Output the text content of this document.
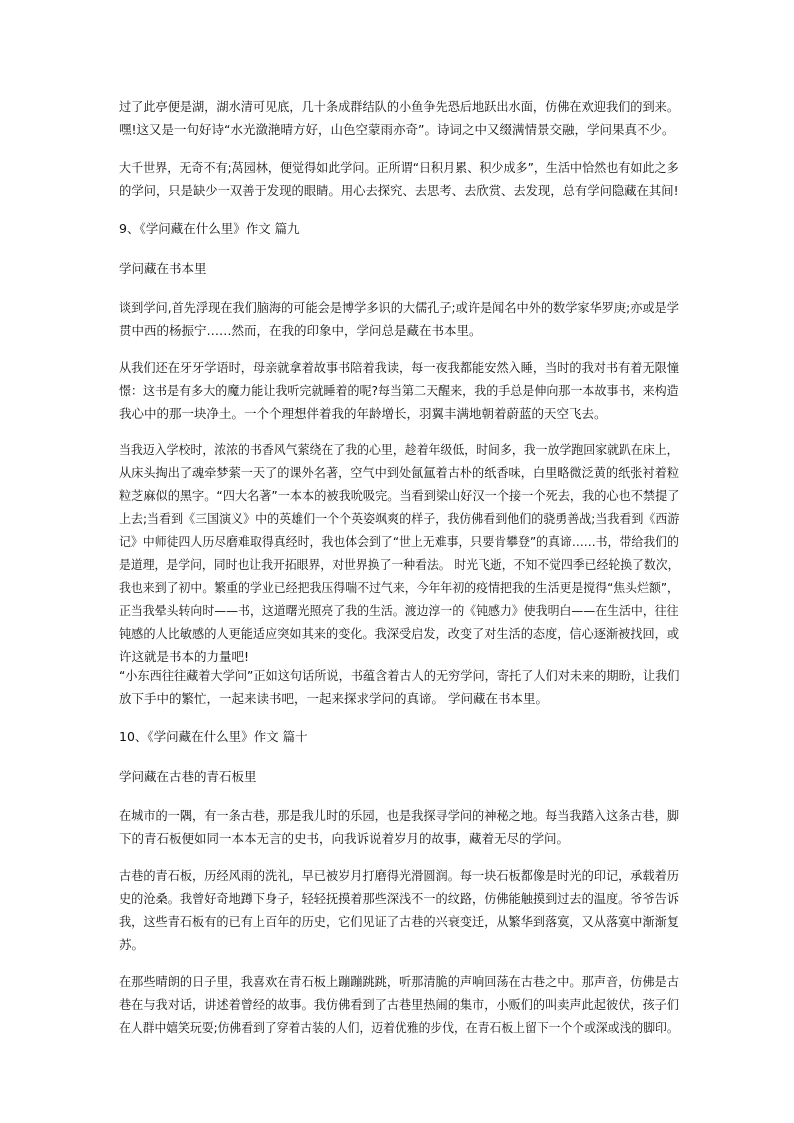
过了此亭便是湖，湖水清可见底，几十条成群结队的小鱼争先恐后地跃出水面，仿佛在欢迎我们的到来。
嘿!这又是一句好诗“水光潋滟晴方好，山色空蒙雨亦奇”。诗词之中又缀满情景交融，学问果真不少。
大千世界，无奇不有;莴园林，便觉得如此学问。正所谓“日积月累、积少成多”，生活中恰然也有如此之多
的学问，只是缺少一双善于发现的眼睛。用心去探究、去思考、去欣赏、去发现，总有学问隐藏在其间!
9、《学问藏在什么里》作文 篇九
学问藏在书本里
谈到学问,首先浮现在我们脑海的可能会是博学多识的大儒孔子;或许是闻名中外的数学家华罗庚;亦或是学
贯中西的杨振宁……然而，在我的印象中，学问总是藏在书本里。
从我们还在牙牙学语时，母亲就拿着故事书陪着我读，每一夜我都能安然入睡，当时的我对书有着无限憧
憬：这书是有多大的魔力能让我听完就睡着的呢?每当第二天醒来，我的手总是伸向那一本故事书，来构造
我心中的那一块净土。一个个理想伴着我的年龄增长，羽翼丰满地朝着蔚蓝的天空飞去。
当我迈入学校时，浓浓的书香风气萦绕在了我的心里，趁着年级低，时间多，我一放学跑回家就趴在床上，
从床头掏出了魂牵梦萦一天了的课外名著，空气中到处氤氲着古朴的纸香味，白里略微泛黄的纸张衬着粒
粒芝麻似的黑字。“四大名著”一本本的被我吮吸完。当看到梁山好汉一个接一个死去，我的心也不禁提了
上去;当看到《三国演义》中的英雄们一个个英姿飒爽的样子，我仿佛看到他们的骁勇善战;当我看到《西游
记》中师徒四人历尽磨难取得真经时，我也体会到了“世上无难事，只要肯攀登”的真谛……书，带给我们的
是道理，是学问，同时也让我开拓眼界，对世界换了一种看法。 时光飞逝，不知不觉四季已经轮换了数次，
我也来到了初中。繁重的学业已经把我压得喘不过气来，今年年初的疫情把我的生活更是搅得“焦头烂额”，
正当我晕头转向时——书，这道曙光照亮了我的生活。渡边淳一的《钝感力》使我明白——在生活中，往往
钝感的人比敏感的人更能适应突如其来的变化。我深受启发，改变了对生活的态度，信心逐渐被找回，或
许这就是书本的力量吧!
“小东西往往藏着大学问”正如这句话所说，书蕴含着古人的无穷学问，寄托了人们对未来的期盼，让我们
放下手中的繁忙，一起来读书吧，一起来探求学问的真谛。 学问藏在书本里。
10、《学问藏在什么里》作文 篇十
学问藏在古巷的青石板里
在城市的一隅，有一条古巷，那是我儿时的乐园，也是我探寻学问的神秘之地。每当我踏入这条古巷，脚
下的青石板便如同一本本无言的史书，向我诉说着岁月的故事，藏着无尽的学问。
古巷的青石板，历经风雨的洗礼，早已被岁月打磨得光滑圆润。每一块石板都像是时光的印记，承载着历
史的沧桑。我曾好奇地蹲下身子，轻轻抚摸着那些深浅不一的纹路，仿佛能触摸到过去的温度。爷爷告诉
我，这些青石板有的已有上百年的历史，它们见证了古巷的兴衰变迁，从繁华到落寞，又从落寞中渐渐复
苏。
在那些晴朗的日子里，我喜欢在青石板上蹦蹦跳跳，听那清脆的声响回荡在古巷之中。那声音，仿佛是古
巷在与我对话，讲述着曾经的故事。我仿佛看到了古巷里热闹的集市，小贩们的叫卖声此起彼伏，孩子们
在人群中嬉笑玩耍;仿佛看到了穿着古装的人们，迈着优雅的步伐，在青石板上留下一个个或深或浅的脚印。
